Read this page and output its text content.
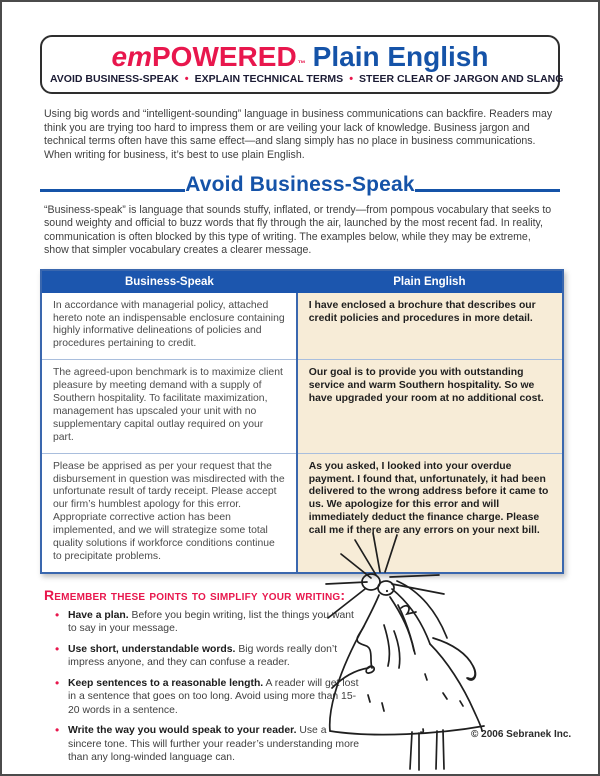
emPOWERED™ Plain English
AVOID BUSINESS-SPEAK • EXPLAIN TECHNICAL TERMS • STEER CLEAR OF JARGON AND SLANG

Using big words and “intelligent-sounding” language in business communications can backfire. Readers may think you are trying too hard to impress them or are veiling your lack of knowledge. Business jargon and technical terms often have this same effect—and slang simply has no place in business communications. When writing for business, it’s best to use plain English.

Avoid Business-Speak

“Business-speak” is language that sounds stuffy, inflated, or trendy—from pompous vocabulary that seeks to sound weighty and official to buzz words that fly through the air, launched by the most recent fad. In reality, communication is often blocked by this type of writing. The examples below, while they may be extreme, show that simpler vocabulary creates a clearer message.

Business-Speak	Plain English
In accordance with managerial policy, attached hereto note an indispensable enclosure containing highly informative delineations of policies and procedures pertaining to credit.	I have enclosed a brochure that describes our credit policies and procedures in more detail.
The agreed-upon benchmark is to maximize client pleasure by meeting demand with a supply of Southern hospitality. To facilitate maximization, management has upscaled your unit with no supplementary capital outlay required on your part.	Our goal is to provide you with outstanding service and warm Southern hospitality. So we have upgraded your room at no additional cost.
Please be apprised as per your request that the disbursement in question was misdirected with the unfortunate result of tardy receipt. Please accept our firm’s humblest apology for this error. Appropriate corrective action has been implemented, and we will strategize some total quality solutions if workforce conditions continue to precipitate problems.	As you asked, I looked into your overdue payment. I found that, unfortunately, it had been delivered to the wrong address before it came to us. We apologize for this error and will immediately deduct the finance charge. Please call me if there are any errors on your next bill.
Remember these points to simplify your writing:
• Have a plan. Before you begin writing, list the things you want to say in your message.
• Use short, understandable words. Big words really don’t impress anyone, and they can confuse a reader.
• Keep sentences to a reasonable length. A reader will get lost in a sentence that goes on too long. Avoid using more than 15-20 words in a sentence.
• Write the way you would speak to your reader. Use a sincere tone. This will further your reader’s understanding more than any long-winded language can.
© 2006 Sebranek Inc.
